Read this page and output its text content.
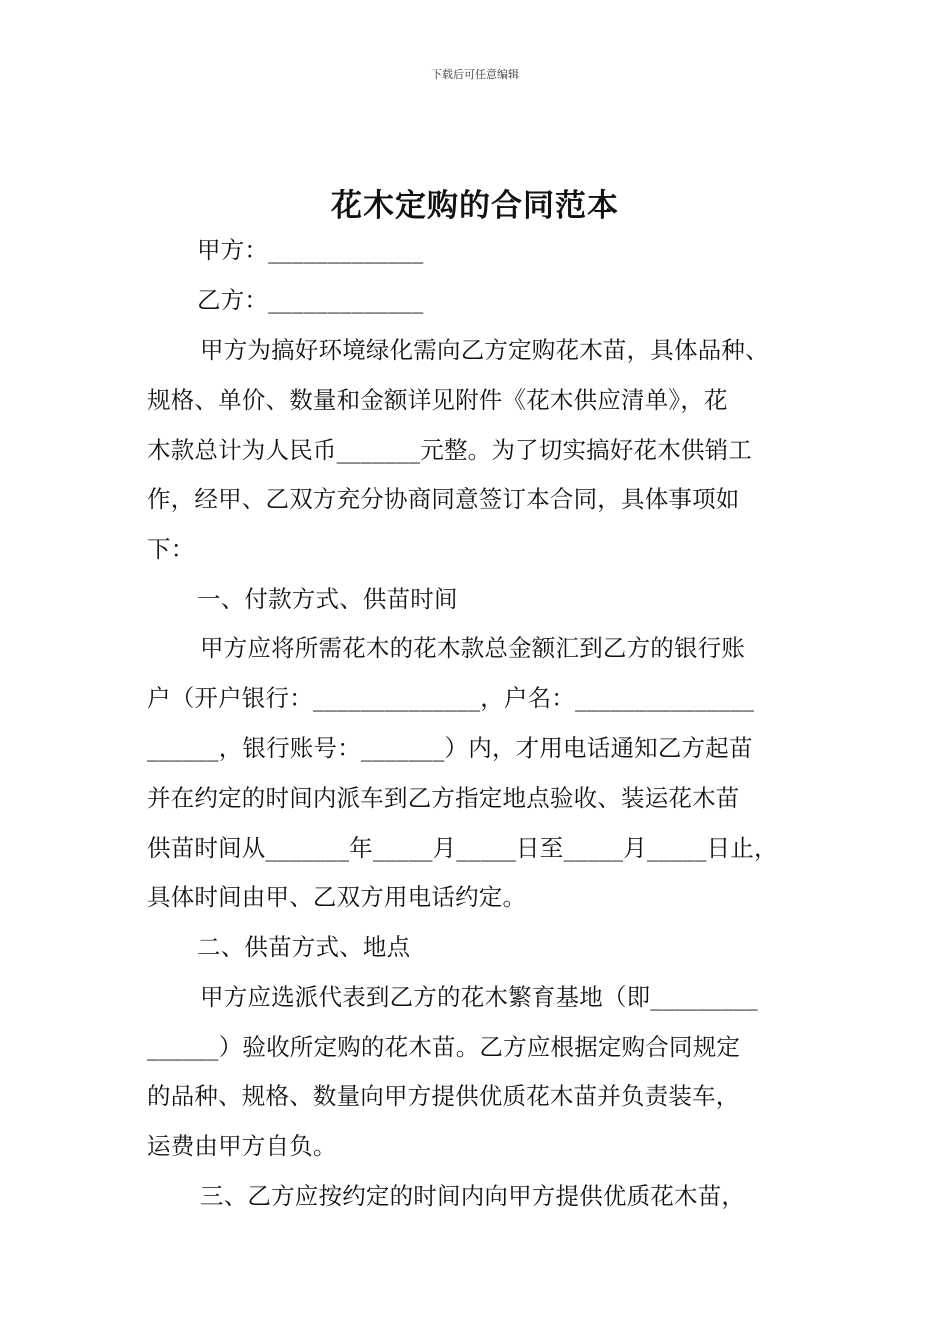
下载后可任意编辑
花木定购的合同范本
甲方：_____________
乙方：_____________
甲方为搞好环境绿化需向乙方定购花木苗，具体品种、
规格、单价、数量和金额详见附件《花木供应清单》，花
木款总计为人民币_______元整。为了切实搞好花木供销工
作，经甲、乙双方充分协商同意签订本合同，具体事项如
下：
一、付款方式、供苗时间
甲方应将所需花木的花木款总金额汇到乙方的银行账
户（开户银行：______________，户名：_______________
______，银行账号：_______）内，才用电话通知乙方起苗
并在约定的时间内派车到乙方指定地点验收、装运花木苗
供苗时间从_______年_____月_____日至_____月_____日止，
具体时间由甲、乙双方用电话约定。
二、供苗方式、地点
甲方应选派代表到乙方的花木繁育基地（即_________
______）验收所定购的花木苗。乙方应根据定购合同规定
的品种、规格、数量向甲方提供优质花木苗并负责装车，
运费由甲方自负。
三、乙方应按约定的时间内向甲方提供优质花木苗，
